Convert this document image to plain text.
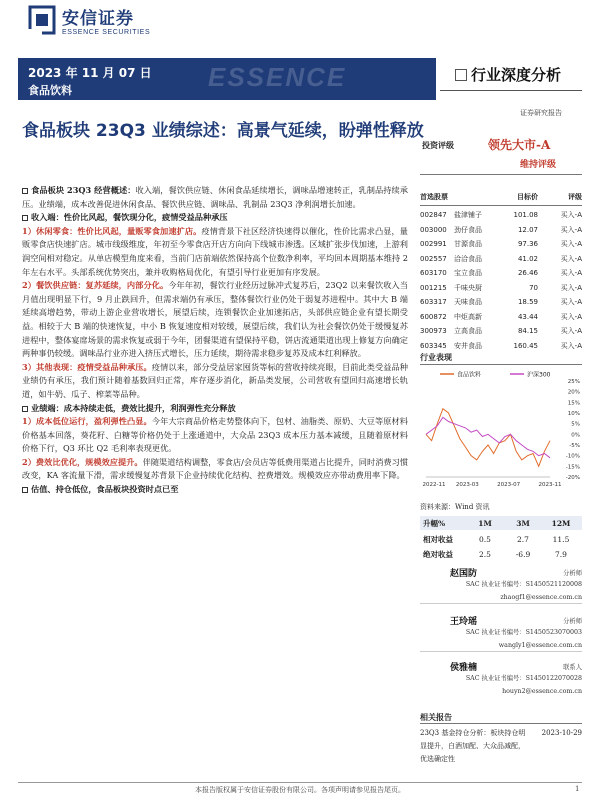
安信证券
ESSENCE SECURITIES
2023 年 11 月 07 日
食品饮料	ESSENCE	行业深度分析
证券研究报告
食品板块 23Q3 业绩综述：高景气延续，盼弹性释放
投资评级	领先大市-A
维持评级

食品板块 23Q3 经营概述：收入端，餐饮供应链、休闲食品延续增长，调味品增速转正，乳制品持续承压。业绩端，成本改善促进休闲食品、餐饮供应链、调味品、乳制品 23Q3 净利润增长加速。

收入端：性价比风起，餐饮现分化，疲情受益品种承压

1）休闲零食：性价比风起，量贩零食加速扩店。疫情背景下社区经济快速得以催化，性价比需求凸显，量贩零食店快速扩店。城市线级维度，年初至今零食店开店方向向下线城市渗透。区域扩张步伐加速，上游利润空间相对稳定。从单店模型角度来看，当前门店前端依然保持高个位数净利率，平均回本周期基本维持 2 年左右水平。头部系统优势突出，兼并收购格局优化，有望引导行业更加有序发展。

2）餐饮供应链：复苏延续，内部分化。今年年初，餐饮行业经历过脉冲式复苏后，23Q2 以来餐饮收入当月值出现明显下行，9 月止跌回升，但需求端仍有承压，整体餐饮行业仍处于弱复苏进程中。其中大 B 端延续高增趋势，带动上游企业营收增长，展望后续，连锁餐饮企业加速拓店，头部供应链企业有望长期受益。相较于大 B 端的快速恢复，中小 B 恢复速度相对较缓，展望后续，我们认为社会餐饮仍处于缓慢复苏进程中，整体宴席场景的需求恢复或弱于今年，团餐渠道有望保持平稳，饼店流通渠道出现上修复方向确定两种事仍较缓。调味品行业亦进入挤压式增长，压力延续，期待需求稳步复苏及成本红利释放。

3）其他表现：疫情受益品种承压。疫情以来，部分受益居家囤货等标的营收持续亮眼，目前此类受益品种业绩仍有承压，我们预计随着基数回归正常，库存逐步消化，新品类发展，公司营收有望回归高速增长轨道，如牛奶、瓜子、榨菜等品种。

业绩端：成本持续走低，费效比提升，利润弹性充分释放

1）成本低位运行，盈利弹性凸显。今年大宗商品价格走势整体向下，包材、油脂类、原奶、大豆等原材料价格基本回落，葵花籽、白糖等价格仍处于上涨通道中，大众品 23Q3 成本压力基本减缓，且随着原材料价格下行，Q3 环比 Q2 毛利率表现更优。

2）费效比优化，规模效应提升。伴随渠道结构调整，零食店/会员店等低费用渠道占比提升，同时消费习惯改变，KA 客流量下滑，需求缓慢复苏背景下企业持续优化结构、控费增效。规模效应亦带动费用率下降。

估值、持仓低位，食品板块投资时点已至

首选股票	目标价	评级
002847	盐津铺子	101.08	买入-A
003000	劲仔食品	12.07	买入-A
002991	甘源食品	97.36	买入-A
002557	洽洽食品	41.02	买入-A
603170	宝立食品	26.46	买入-A
001215	千味央厨	70	买入-A
603317	天味食品	18.59	买入-A
600872	中炬高新	43.44	买入-A
300973	立高食品	84.15	买入-A
603345	安井食品	160.45	买入-A
行业表现
食品饮料	沪深300
25%
20%
15%
10%
5%
0%
-5%
-10%
-15%
-20%
2022-11 2023-03	2023-07	2023-11
资料来源：Wind 资讯
升幅%	1M	3M	12M
相对收益	0.5	2.7	11.5
绝对收益	2.5	-6.9	7.9
赵国防	分析师
SAC 执业证书编号：S1450521120008
zhaogf1@essence.com.cn
王玲瑶	分析师
SAC 执业证书编号：S1450523070003
wangly1@essence.com.cn
侯雅楠	联系人
SAC 执业证书编号：S1450122070028
houyn2@essence.com.cn
相关报告
23Q3 基金持仓分析：板块持仓明显提升，白酒加配、大众品减配，优选确定性
2023-10-29
本报告版权属于安信证券股份有限公司。各项声明请参见报告尾页。	1
